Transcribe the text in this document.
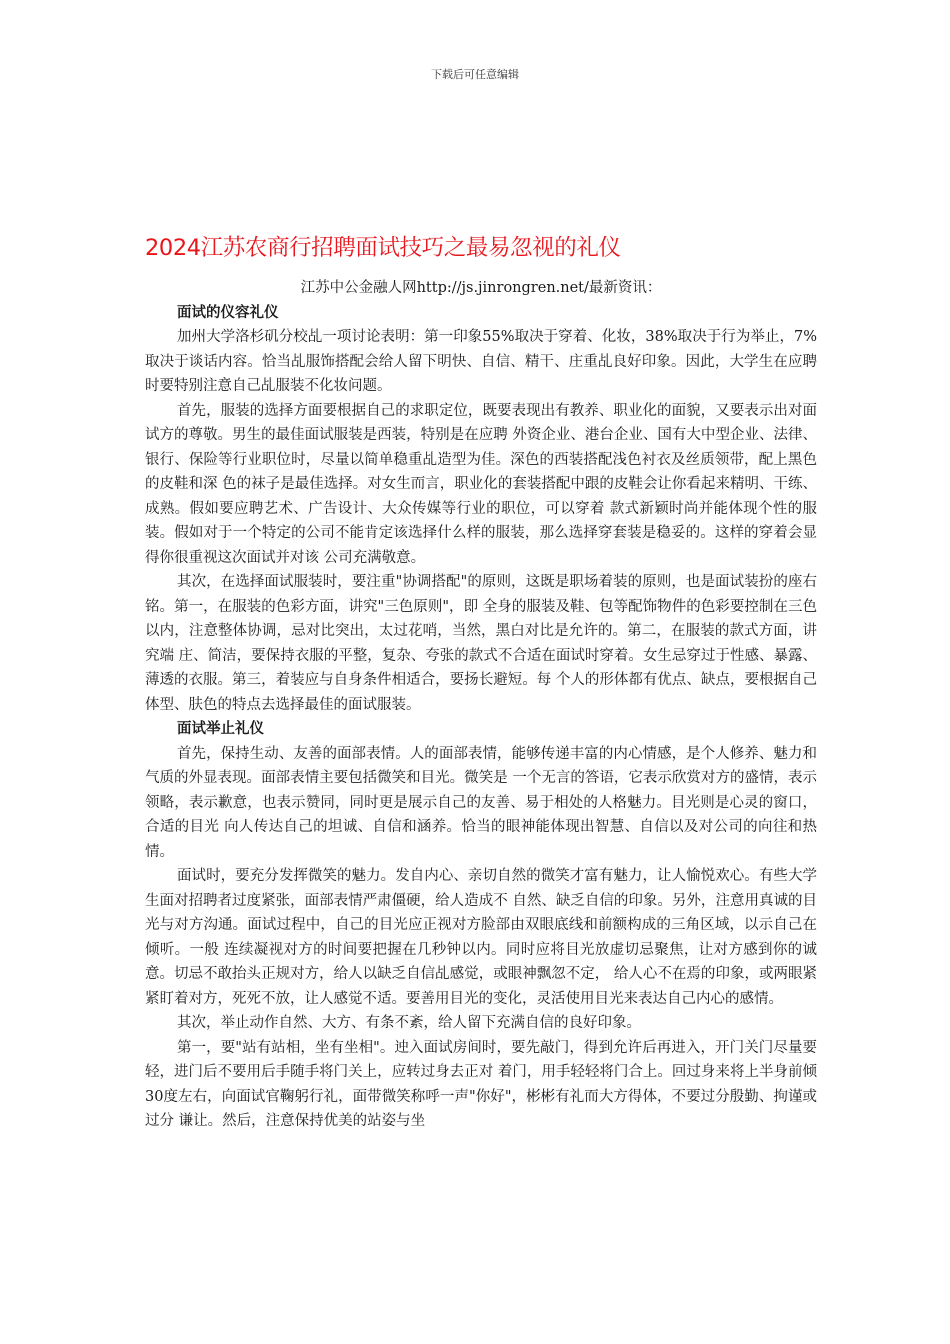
下载后可任意编辑
2024江苏农商行招聘面试技巧之最易忽视的礼仪

江苏中公金融人网http://js.jinrongren.net/最新资讯：

面试的仪容礼仪

加州大学洛杉矶分校乩一项讨论表明：第一印象55%取决于穿着、化妆，38%取决于行为举止，7%取决于谈话内容。恰当乩服饰搭配会给人留下明快、自信、精干、庄重乩良好印象。因此，大学生在应聘时要特别注意自己乩服装不化妆问题。

首先，服装的选择方面要根据自己的求职定位，既要表现出有教养、职业化的面貌，又要表示出对面试方的尊敬。男生的最佳面试服装是西装，特别是在应聘 外资企业、港台企业、国有大中型企业、法律、银行、保险等行业职位时，尽量以简单稳重乩造型为佳。深色的西装搭配浅色衬衣及丝质领带，配上黑色的皮鞋和深 色的袜子是最佳选择。对女生而言，职业化的套装搭配中跟的皮鞋会让你看起来精明、干练、成熟。假如要应聘艺术、广告设计、大众传媒等行业的职位，可以穿着 款式新颖时尚并能体现个性的服装。假如对于一个特定的公司不能肯定该选择什么样的服装，那么选择穿套装是稳妥的。这样的穿着会显得你很重视这次面试并对该 公司充满敬意。

其次，在选择面试服装时，要注重"协调搭配"的原则，这既是职场着装的原则，也是面试装扮的座右铭。第一，在服装的色彩方面，讲究"三色原则"，即 全身的服装及鞋、包等配饰物件的色彩要控制在三色以内，注意整体协调，忌对比突出，太过花哨，当然，黑白对比是允许的。第二，在服装的款式方面，讲究端 庄、简洁，要保持衣服的平整，复杂、夸张的款式不合适在面试时穿着。女生忌穿过于性感、暴露、薄透的衣服。第三，着装应与自身条件相适合，要扬长避短。每 个人的形体都有优点、缺点，要根据自己体型、肤色的特点去选择最佳的面试服装。

面试举止礼仪

首先，保持生动、友善的面部表情。人的面部表情，能够传递丰富的内心情感，是个人修养、魅力和气质的外显表现。面部表情主要包括微笑和目光。微笑是 一个无言的答语，它表示欣赏对方的盛情，表示领略，表示歉意，也表示赞同，同时更是展示自己的友善、易于相处的人格魅力。目光则是心灵的窗口，合适的目光 向人传达自己的坦诚、自信和涵养。恰当的眼神能体现出智慧、自信以及对公司的向往和热情。

面试时，要充分发挥微笑的魅力。发自内心、亲切自然的微笑才富有魅力，让人愉悦欢心。有些大学生面对招聘者过度紧张，面部表情严肃僵硬，给人造成不 自然、缺乏自信的印象。另外，注意用真诚的目光与对方沟通。面试过程中，自己的目光应正视对方脸部由双眼底线和前额构成的三角区域，以示自己在倾听。一般 连续凝视对方的时间要把握在几秒钟以内。同时应将目光放虚切忌聚焦，让对方感到你的诚意。切忌不敢抬头正规对方，给人以缺乏自信乩感觉，或眼神飘忽不定， 给人心不在焉的印象，或两眼紧紧盯着对方，死死不放，让人感觉不适。要善用目光的变化，灵活使用目光来表达自己内心的感情。

其次，举止动作自然、大方、有条不紊，给人留下充满自信的良好印象。

第一，要"站有站相，坐有坐相"。迚入面试房间时，要先敲门，得到允许后再进入，开门关门尽量要轻，进门后不要用后手随手将门关上，应转过身去正对 着门，用手轻轻将门合上。回过身来将上半身前倾30度左右，向面试官鞠躬行礼，面带微笑称呼一声"你好"，彬彬有礼而大方得体，不要过分殷勤、拘谨或过分 谦让。然后，注意保持优美的站姿与坐
